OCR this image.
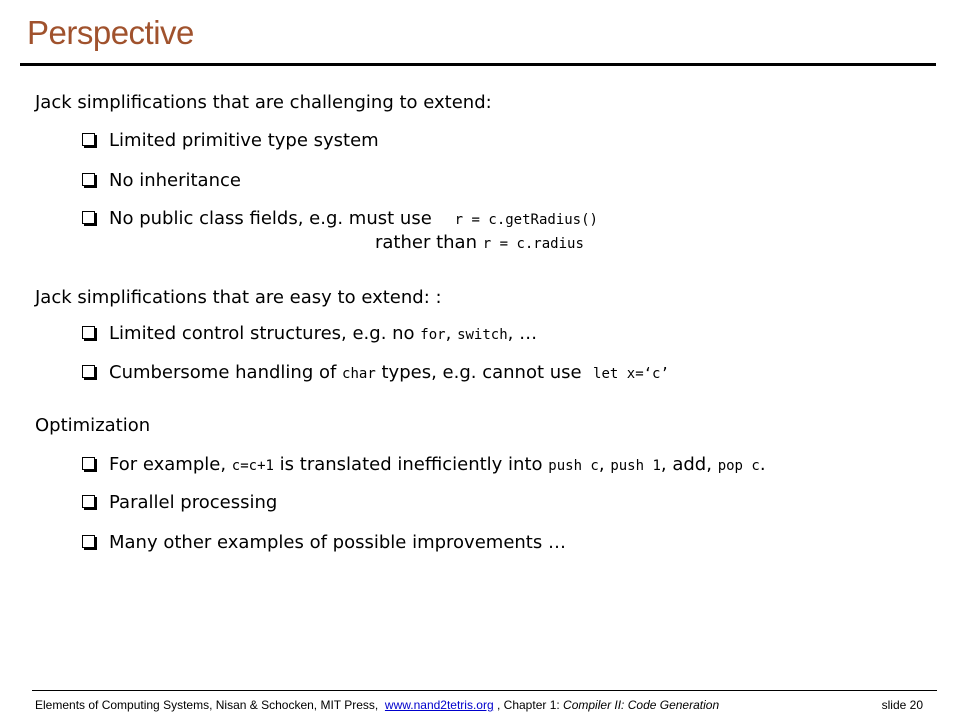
Perspective
Jack simplifications that are challenging to extend:
Limited primitive type system
No inheritance
No public class fields, e.g. must use r = c.getRadius()
rather than r = c.radius
Jack simplifications that are easy to extend: :
Limited control structures, e.g. no for, switch, …
Cumbersome handling of char types, e.g. cannot use let x=‘c’
Optimization
For example, c=c+1 is translated inefficiently into push c, push 1, add, pop c.
Parallel processing
Many other examples of possible improvements …
Elements of Computing Systems, Nisan & Schocken, MIT Press, www.nand2tetris.org , Chapter 1: Compiler II: Code Generation	slide 20
